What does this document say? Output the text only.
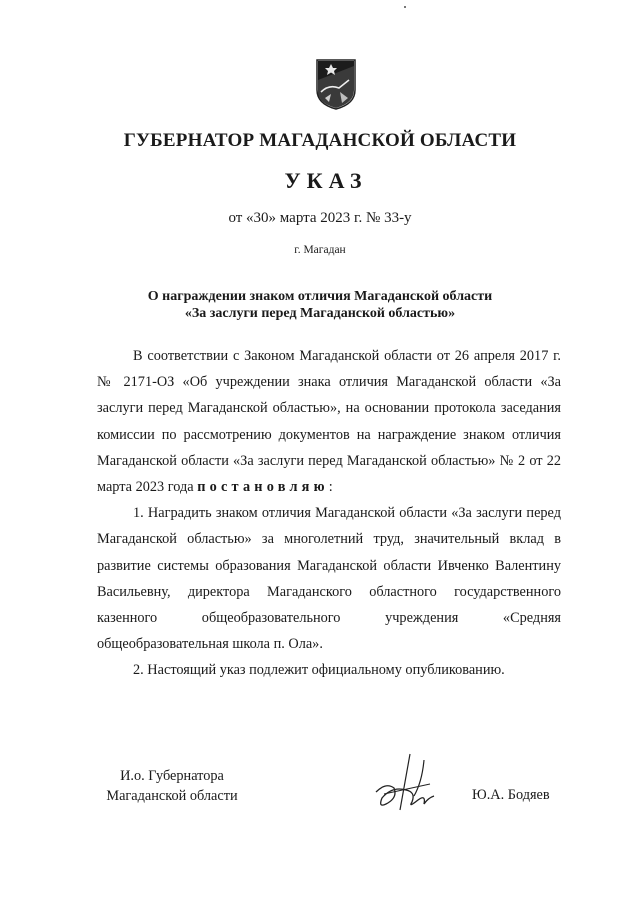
ГУБЕРНАТОР МАГАДАНСКОЙ ОБЛАСТИ
УКАЗ
от «30» марта 2023 г. № 33-у
г. Магадан
О награждении знаком отличия Магаданской области
«За заслуги перед Магаданской областью»

В соответствии с Законом Магаданской области от 26 апреля 2017 г. № 2171-ОЗ «Об учреждении знака отличия Магаданской области «За заслуги перед Магаданской областью», на основании протокола заседания комиссии по рассмотрению документов на награждение знаком отличия Магаданской области «За заслуги перед Магаданской областью» № 2 от 22 марта 2023 года постановляю:

1. Наградить знаком отличия Магаданской области «За заслуги перед Магаданской областью» за многолетний труд, значительный вклад в развитие системы образования Магаданской области Ивченко Валентину Васильевну, директора Магаданского областного государственного казенного общеобразовательного учреждения «Средняя общеобразовательная школа п. Ола».

2. Настоящий указ подлежит официальному опубликованию.

И.о. Губернатора
Магаданской области	Ю.А. Бодяев
